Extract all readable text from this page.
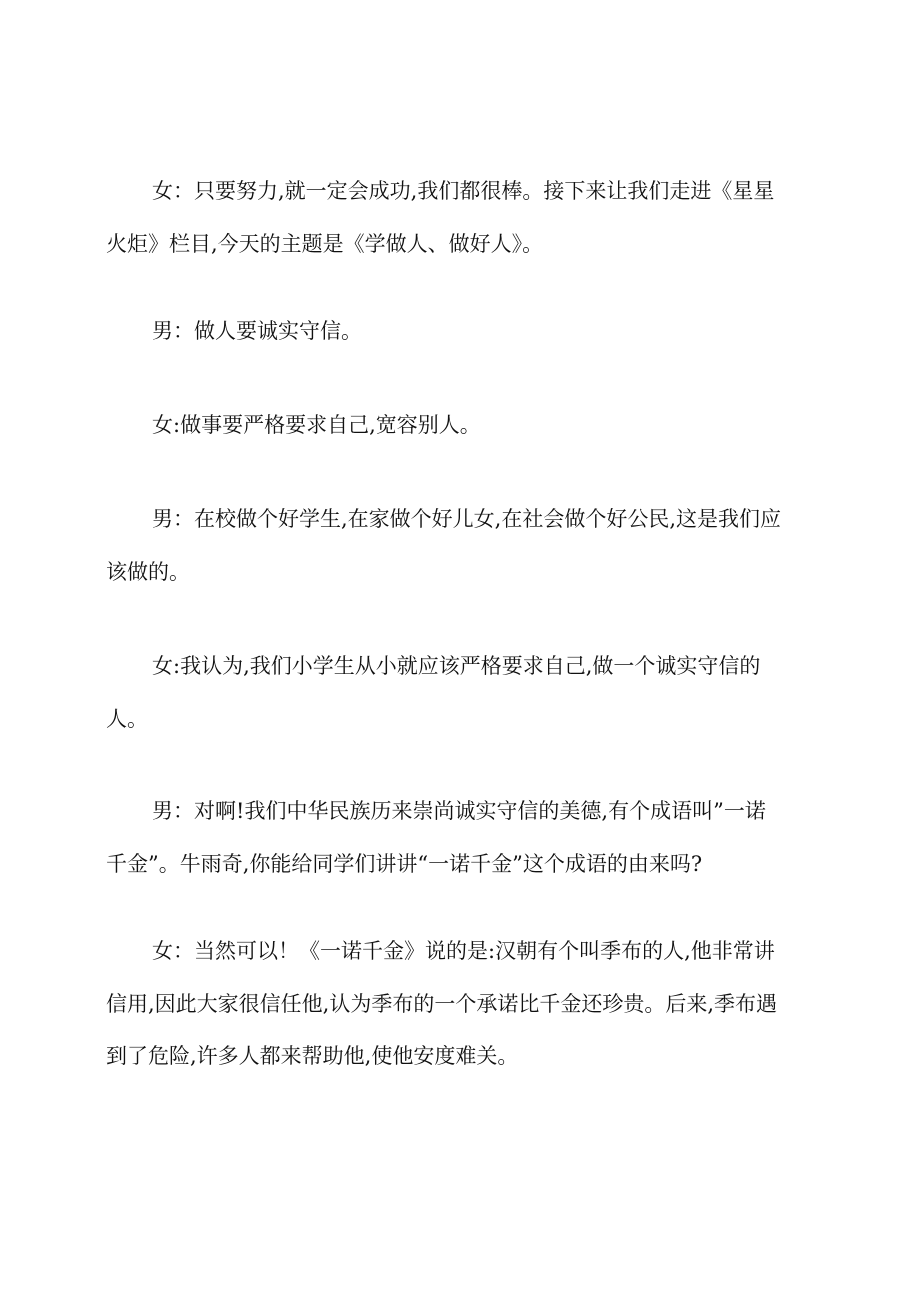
女：只要努力,就一定会成功,我们都很棒。接下来让我们走进《星星
火炬》栏目,今天的主题是《学做人、做好人》。
男：做人要诚实守信。
女:做事要严格要求自己,宽容别人。
男：在校做个好学生,在家做个好儿女,在社会做个好公民,这是我们应
该做的。
女:我认为,我们小学生从小就应该严格要求自己,做一个诚实守信的
人。
男：对啊!我们中华民族历来崇尚诚实守信的美德,有个成语叫”一诺
千金”。牛雨奇,你能给同学们讲讲“一诺千金”这个成语的由来吗?
女：当然可以！《一诺千金》说的是:汉朝有个叫季布的人,他非常讲
信用,因此大家很信任他,认为季布的一个承诺比千金还珍贵。后来,季布遇
到了危险,许多人都来帮助他,使他安度难关。
